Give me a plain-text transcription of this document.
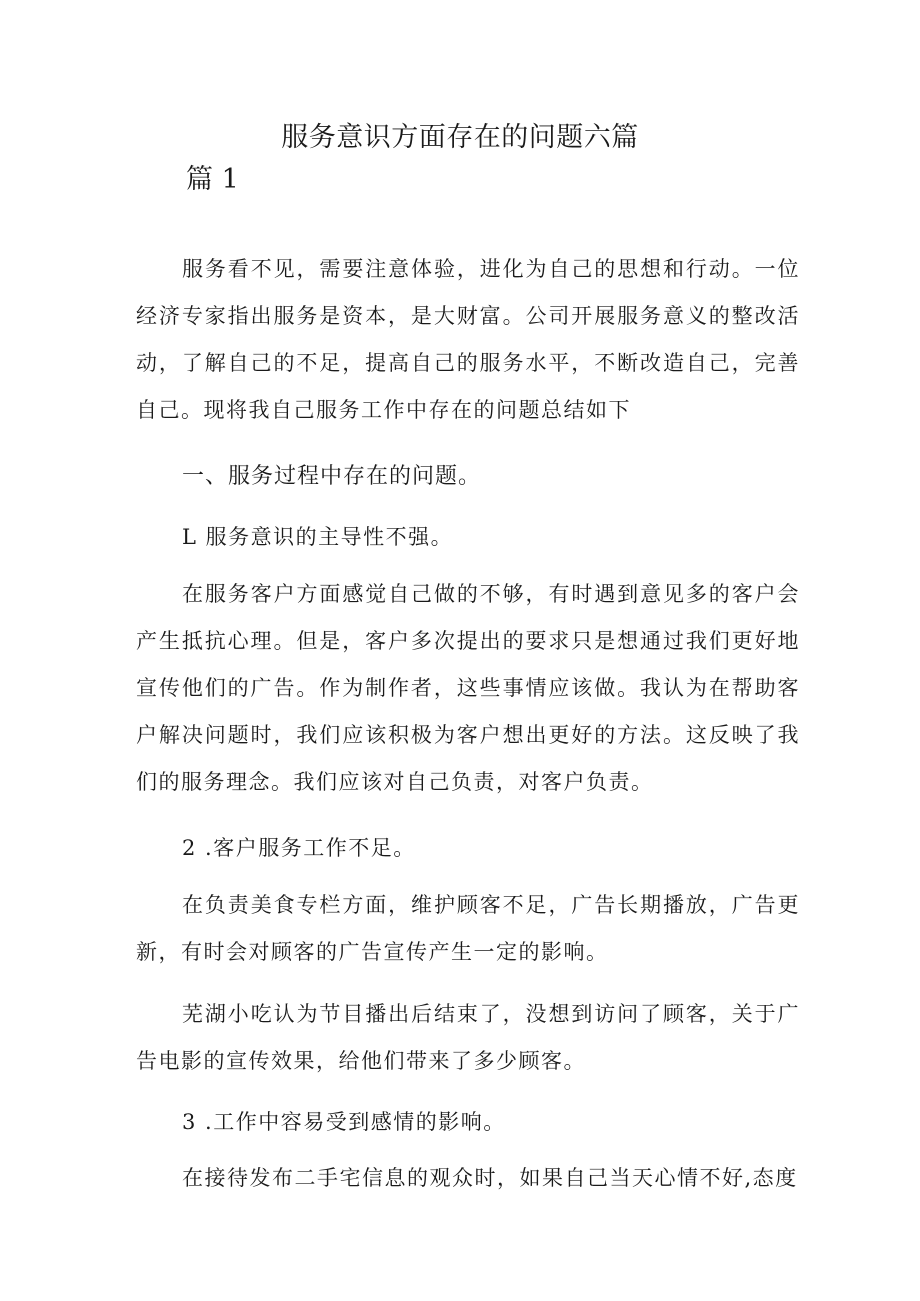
服务意识方面存在的问题六篇
篇 1

服务看不见，需要注意体验，进化为自己的思想和行动。一位经济专家指出服务是资本，是大财富。公司开展服务意义的整改活动，了解自己的不足，提高自己的服务水平，不断改造自己，完善自己。现将我自己服务工作中存在的问题总结如下

一、服务过程中存在的问题。

L 服务意识的主导性不强。

在服务客户方面感觉自己做的不够，有时遇到意见多的客户会产生抵抗心理。但是，客户多次提出的要求只是想通过我们更好地宣传他们的广告。作为制作者，这些事情应该做。我认为在帮助客户解决问题时，我们应该积极为客户想出更好的方法。这反映了我们的服务理念。我们应该对自己负责，对客户负责。

2 .客户服务工作不足。

在负责美食专栏方面，维护顾客不足，广告长期播放，广告更新，有时会对顾客的广告宣传产生一定的影响。

芜湖小吃认为节目播出后结束了，没想到访问了顾客，关于广告电影的宣传效果，给他们带来了多少顾客。

3 .工作中容易受到感情的影响。

在接待发布二手宅信息的观众时，如果自己当天心情不好,态度
